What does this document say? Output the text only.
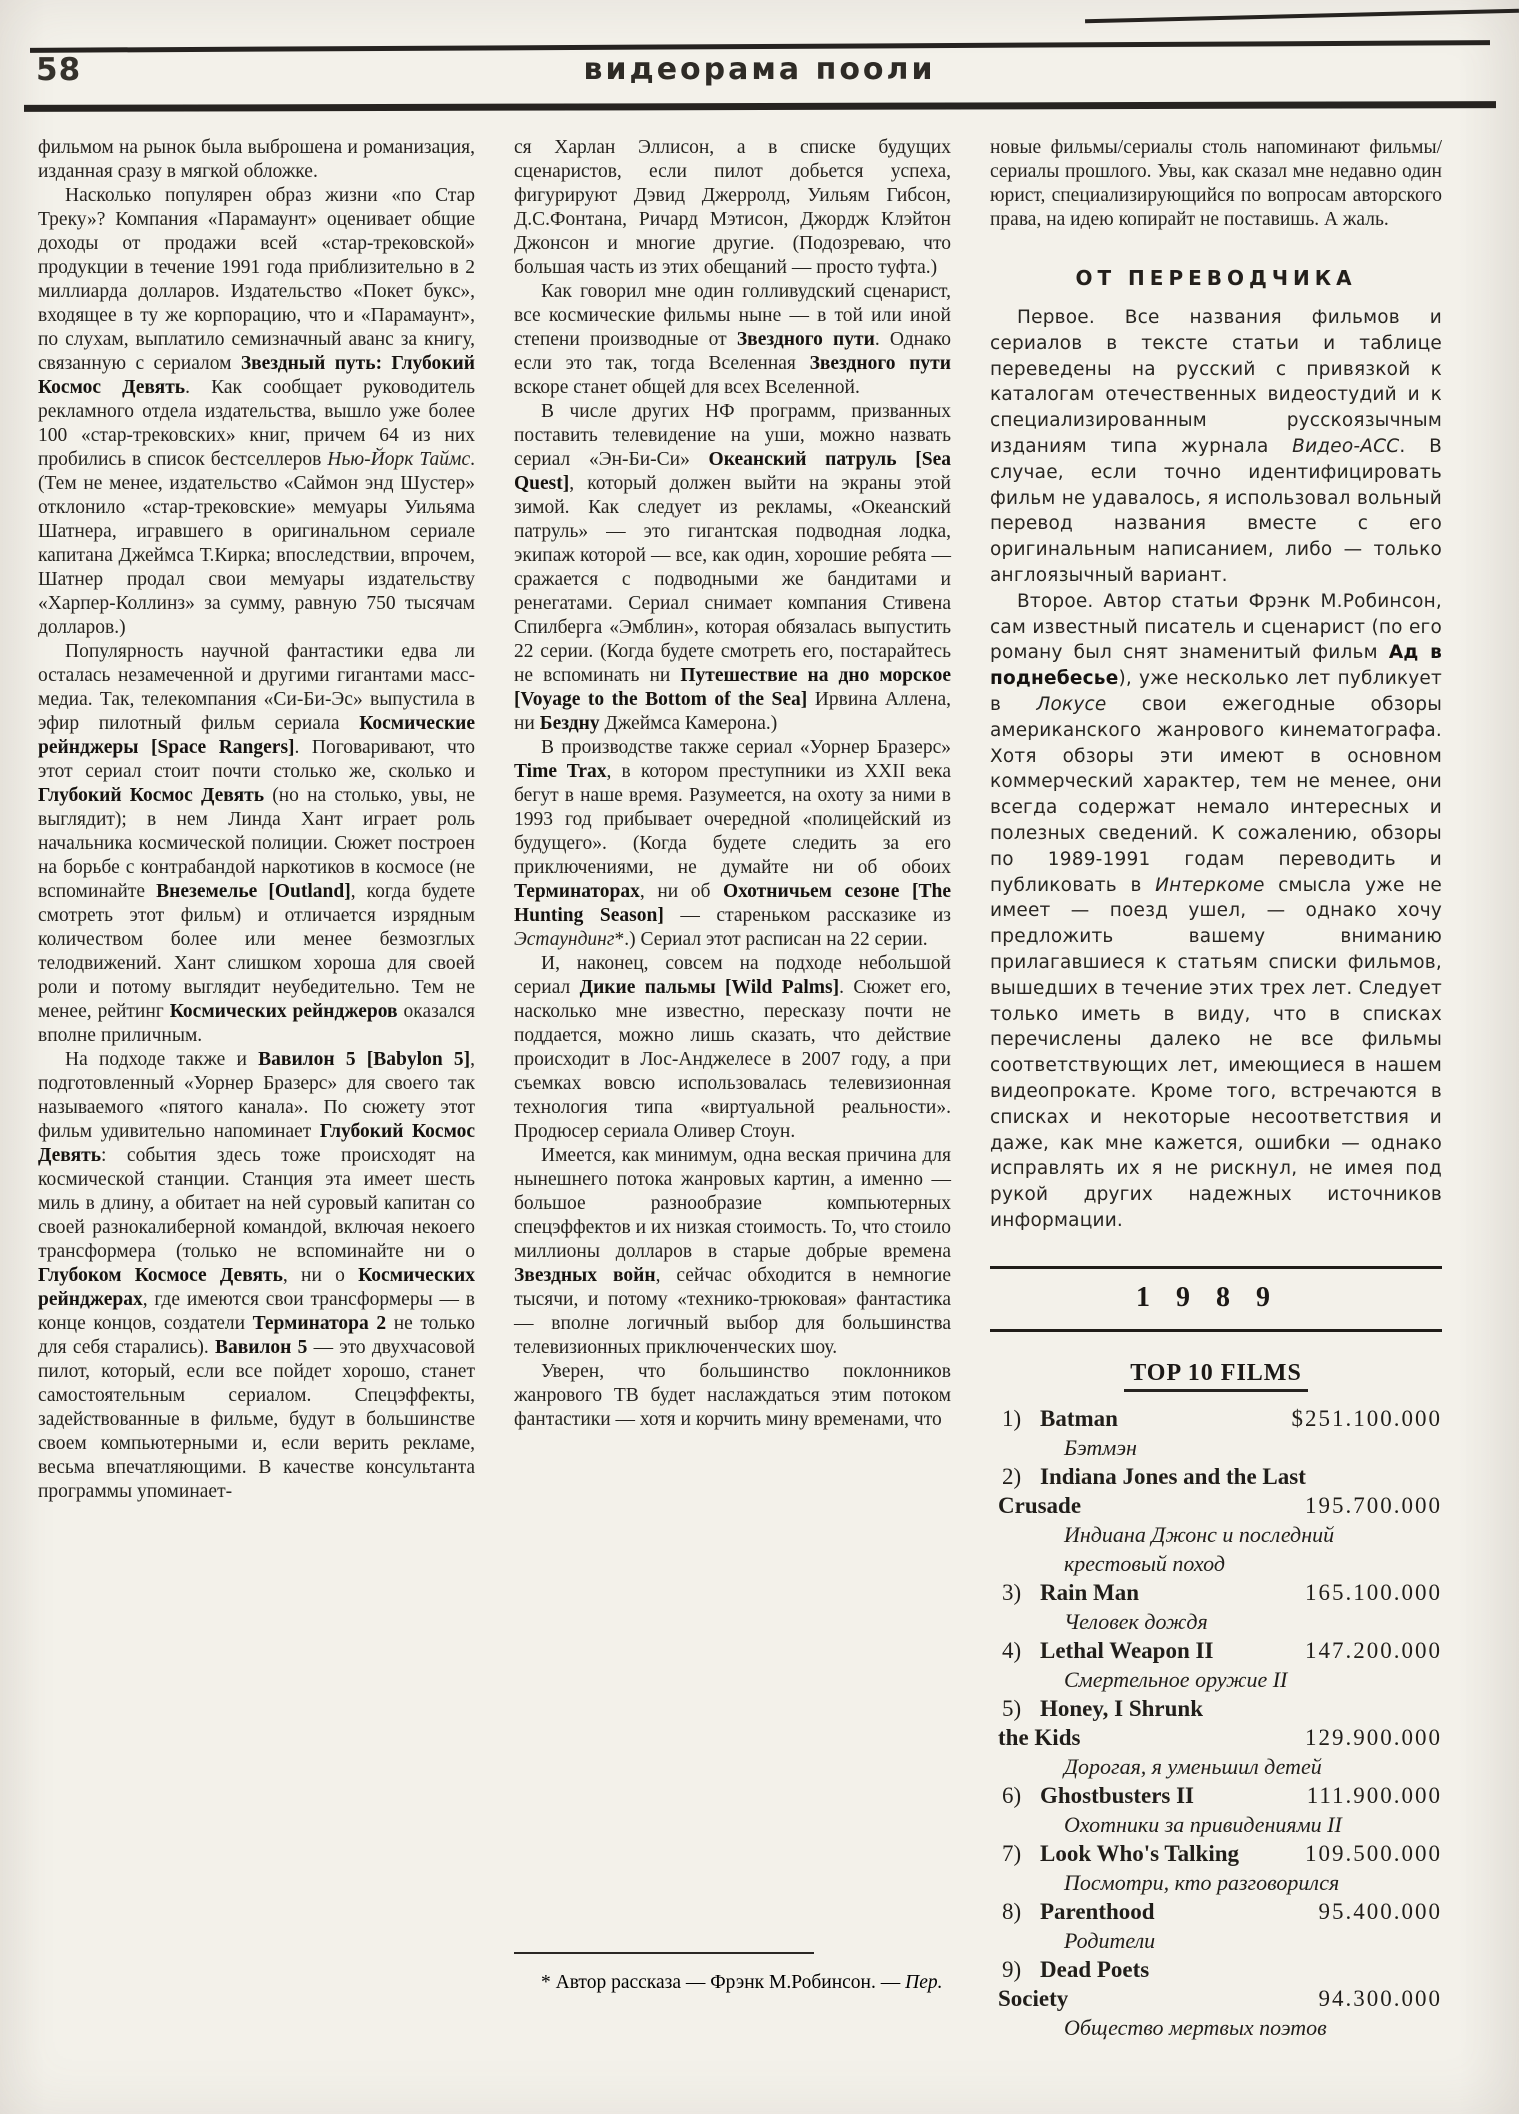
58	видеорама пооли

фильмом на рынок была выброшена и романизация, изданная сразу в мягкой обложке.

Насколько популярен образ жизни «по Стар Треку»? Компания «Парамаунт» оценивает общие доходы от продажи всей «стар-трековской» продукции в течение 1991 года приблизительно в 2 миллиарда долларов. Издательство «Покет букс», входящее в ту же корпорацию, что и «Парамаунт», по слухам, выплатило семизначный аванс за книгу, связанную с сериалом Звездный путь: Глубокий Космос Девять. Как сообщает руководитель рекламного отдела издательства, вышло уже более 100 «стар-трековских» книг, причем 64 из них пробились в список бестселлеров Нью-Йорк Таймс. (Тем не менее, издательство «Саймон энд Шустер» отклонило «стар-трековские» мемуары Уильяма Шатнера, игравшего в оригинальном сериале капитана Джеймса Т.Кирка; впоследствии, впрочем, Шатнер продал свои мемуары издательству «Харпер-Коллинз» за сумму, равную 750 тысячам долларов.)

Популярность научной фантастики едва ли осталась незамеченной и другими гигантами масс-медиа. Так, телекомпания «Си-Би-Эс» выпустила в эфир пилотный фильм сериала Космические рейнджеры [Space Rangers]. Поговаривают, что этот сериал стоит почти столько же, сколько и Глубокий Космос Девять (но на столько, увы, не выглядит); в нем Линда Хант играет роль начальника космической полиции. Сюжет построен на борьбе с контрабандой наркотиков в космосе (не вспоминайте Внеземелье [Outland], когда будете смотреть этот фильм) и отличается изрядным количеством более или менее безмозглых телодвижений. Хант слишком хороша для своей роли и потому выглядит неубедительно. Тем не менее, рейтинг Космических рейнджеров оказался вполне приличным.

На подходе также и Вавилон 5 [Babylon 5], подготовленный «Уорнер Бразерс» для своего так называемого «пятого канала». По сюжету этот фильм удивительно напоминает Глубокий Космос Девять: события здесь тоже происходят на космической станции. Станция эта имеет шесть миль в длину, а обитает на ней суровый капитан со своей разнокалиберной командой, включая некоего трансформера (только не вспоминайте ни о Глубоком Космосе Девять, ни о Космических рейнджерах, где имеются свои трансформеры — в конце концов, создатели Терминатора 2 не только для себя старались). Вавилон 5 — это двухчасовой пилот, который, если все пойдет хорошо, станет самостоятельным сериалом. Спецэффекты, задействованные в фильме, будут в большинстве своем компьютерными и, если верить рекламе, весьма впечатляющими. В качестве консультанта программы упоминает-

ся Харлан Эллисон, а в списке будущих сценаристов, если пилот добьется успеха, фигурируют Дэвид Джерролд, Уильям Гибсон, Д.С.Фонтана, Ричард Мэтисон, Джордж Клэйтон Джонсон и многие другие. (Подозреваю, что большая часть из этих обещаний — просто туфта.)

Как говорил мне один голливудский сценарист, все космические фильмы ныне — в той или иной степени производные от Звездного пути. Однако если это так, тогда Вселенная Звездного пути вскоре станет общей для всех Вселенной.

В числе других НФ программ, призванных поставить телевидение на уши, можно назвать сериал «Эн-Би-Си» Океанский патруль [Sea Quest], который должен выйти на экраны этой зимой. Как следует из рекламы, «Океанский патруль» — это гигантская подводная лодка, экипаж которой — все, как один, хорошие ребята — сражается с подводными же бандитами и ренегатами. Сериал снимает компания Стивена Спилберга «Эмблин», которая обязалась выпустить 22 серии. (Когда будете смотреть его, постарайтесь не вспоминать ни Путешествие на дно морское [Voyage to the Bottom of the Sea] Ирвина Аллена, ни Бездну Джеймса Камерона.)

В производстве также сериал «Уорнер Бразерс» Time Trax, в котором преступники из XXII века бегут в наше время. Разумеется, на охоту за ними в 1993 год прибывает очередной «полицейский из будущего». (Когда будете следить за его приключениями, не думайте ни об обоих Терминаторах, ни об Охотничьем сезоне [The Hunting Season] — стареньком рассказике из Эстаундинг*.) Сериал этот расписан на 22 серии.

И, наконец, совсем на подходе небольшой сериал Дикие пальмы [Wild Palms]. Сюжет его, насколько мне известно, пересказу почти не поддается, можно лишь сказать, что действие происходит в Лос-Анджелесе в 2007 году, а при съемках вовсю использовалась телевизионная технология типа «виртуальной реальности». Продюсер сериала Оливер Стоун.

Имеется, как минимум, одна веская причина для нынешнего потока жанровых картин, а именно — большое разнообразие компьютерных спецэффектов и их низкая стоимость. То, что стоило миллионы долларов в старые добрые времена Звездных войн, сейчас обходится в немногие тысячи, и потому «технико-трюковая» фантастика — вполне логичный выбор для большинства телевизионных приключенческих шоу.

Уверен, что большинство поклонников жанрового ТВ будет наслаждаться этим потоком фантастики — хотя и корчить мину временами, что

* Автор рассказа — Фрэнк М.Робинсон. — Пер.

новые фильмы/сериалы столь напоминают фильмы/сериалы прошлого. Увы, как сказал мне недавно один юрист, специализирующийся по вопросам авторского права, на идею копирайт не поставишь. А жаль.

ОТ ПЕРЕВОДЧИКА

Первое. Все названия фильмов и сериалов в тексте статьи и таблице переведены на русский с привязкой к каталогам отечественных видеостудий и к специализированным русскоязычным изданиям типа журнала Видео-АСС. В случае, если точно идентифицировать фильм не удавалось, я использовал вольный перевод названия вместе с его оригинальным написанием, либо — только англоязычный вариант.

Второе. Автор статьи Фрэнк М.Робинсон, сам известный писатель и сценарист (по его роману был снят знаменитый фильм Ад в поднебесье), уже несколько лет публикует в Локусе свои ежегодные обзоры американского жанрового кинематографа. Хотя обзоры эти имеют в основном коммерческий характер, тем не менее, они всегда содержат немало интересных и полезных сведений. К сожалению, обзоры по 1989-1991 годам переводить и публиковать в Интеркоме смысла уже не имеет — поезд ушел, — однако хочу предложить вашему вниманию прилагавшиеся к статьям списки фильмов, вышедших в течение этих трех лет. Следует только иметь в виду, что в списках перечислены далеко не все фильмы соответствующих лет, имеющиеся в нашем видеопрокате. Кроме того, встречаются в списках и некоторые несоответствия и даже, как мне кажется, ошибки — однако исправлять их я не рискнул, не имея под рукой других надежных источников информации.

1989
TOP 10 FILMS
1) Batman	$251.100.000
Бэтмэн
2) Indiana Jones and the Last
Crusade	195.700.000
Индиана Джонс и последний крестовый поход
3) Rain Man	165.100.000
Человек дождя
4) Lethal Weapon II	147.200.000
Смертельное оружие II
5) Honey, I Shrunk
the Kids	129.900.000
Дорогая, я уменьшил детей
6) Ghostbusters II	111.900.000
Охотники за привидениями II
7) Look Who's Talking	109.500.000
Посмотри, кто разговорился
8) Parenthood	95.400.000
Родители
9) Dead Poets
Society	94.300.000
Общество мертвых поэтов
